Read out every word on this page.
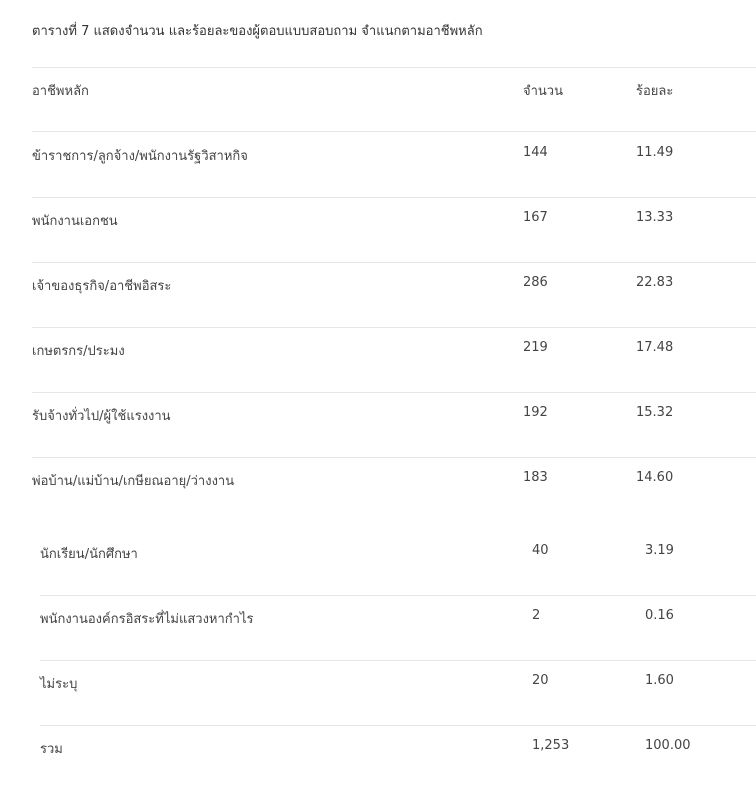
ตารางที่ 7 แสดงจำนวน และร้อยละของผู้ตอบแบบสอบถาม จำแนกตามอาชีพหลัก
อาชีพหลัก	จำนวน	ร้อยละ
ข้าราชการ/ลูกจ้าง/พนักงานรัฐวิสาหกิจ	144	11.49
พนักงานเอกชน	167	13.33
เจ้าของธุรกิจ/อาชีพอิสระ	286	22.83
เกษตรกร/ประมง	219	17.48
รับจ้างทั่วไป/ผู้ใช้แรงงาน	192	15.32
พ่อบ้าน/แม่บ้าน/เกษียณอายุ/ว่างงาน	183	14.60
นักเรียน/นักศึกษา	40	3.19
พนักงานองค์กรอิสระที่ไม่แสวงหากำไร	2	0.16
ไม่ระบุ	20	1.60
รวม	1,253	100.00
